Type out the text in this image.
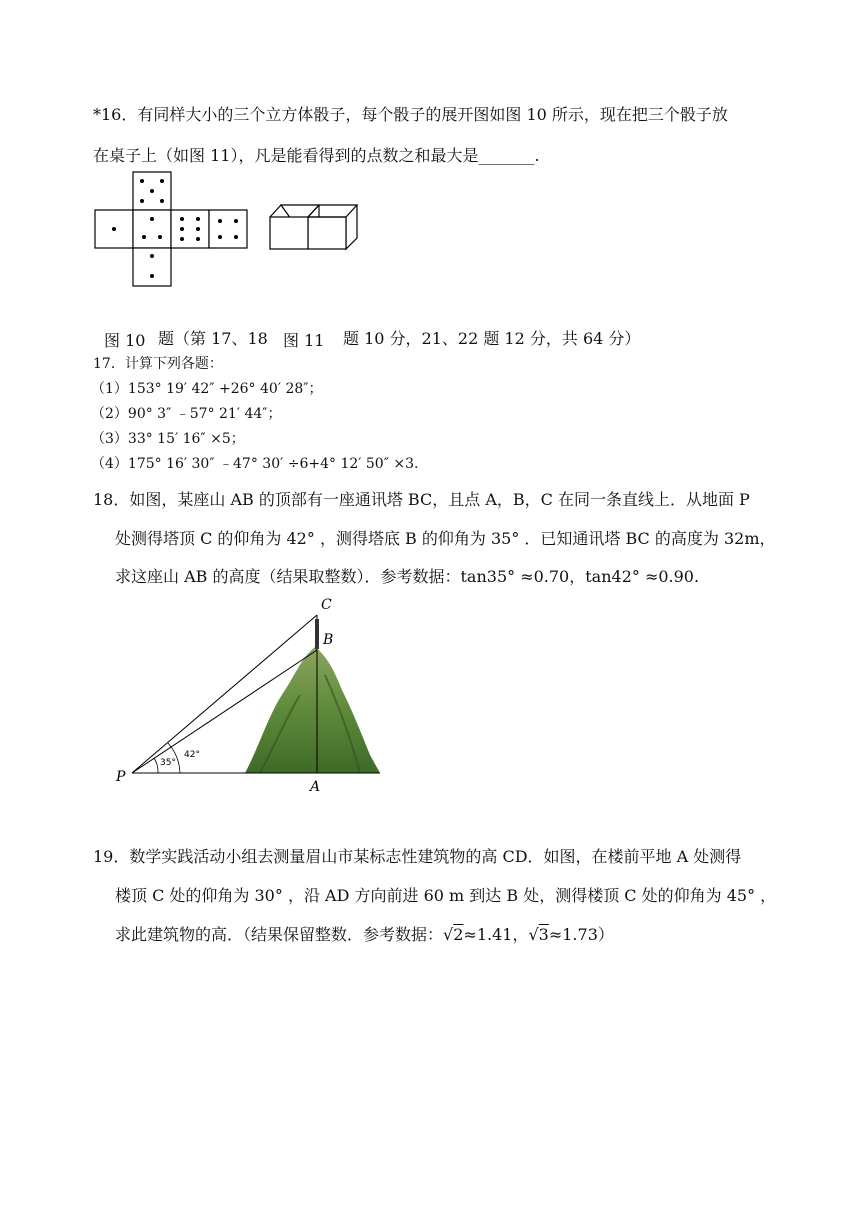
*16．有同样大小的三个立方体骰子，每个骰子的展开图如图 10 所示，现在把三个骰子放
在桌子上（如图 11），凡是能看得到的点数之和最大是_______.
图 10 题（第 17、18 图 11 题 10 分，21、22 题 12 分，共 64 分）
17．计算下列各题：
（1）153° 19′ 42″ +26° 40′ 28″；
（2）90° 3″ ﹣57° 21′ 44″；
（3）33° 15′ 16″ ×5；
（4）175° 16′ 30″ ﹣47° 30′ ÷6+4° 12′ 50″ ×3.
18．如图，某座山 AB 的顶部有一座通讯塔 BC，且点 A，B，C 在同一条直线上．从地面 P
处测得塔顶 C 的仰角为 42° ，测得塔底 B 的仰角为 35° ．已知通讯塔 BC 的高度为 32m，
求这座山 AB 的高度（结果取整数）．参考数据：tan35° ≈0.70，tan42° ≈0.90.
C
B
P
A
35°
42°
19．数学实践活动小组去测量眉山市某标志性建筑物的高 CD．如图，在楼前平地 A 处测得
楼顶 C 处的仰角为 30° ，沿 AD 方向前进 60 m 到达 B 处，测得楼顶 C 处的仰角为 45° ，
求此建筑物的高．（结果保留整数．参考数据：√2≈1.41，√3≈1.73）
